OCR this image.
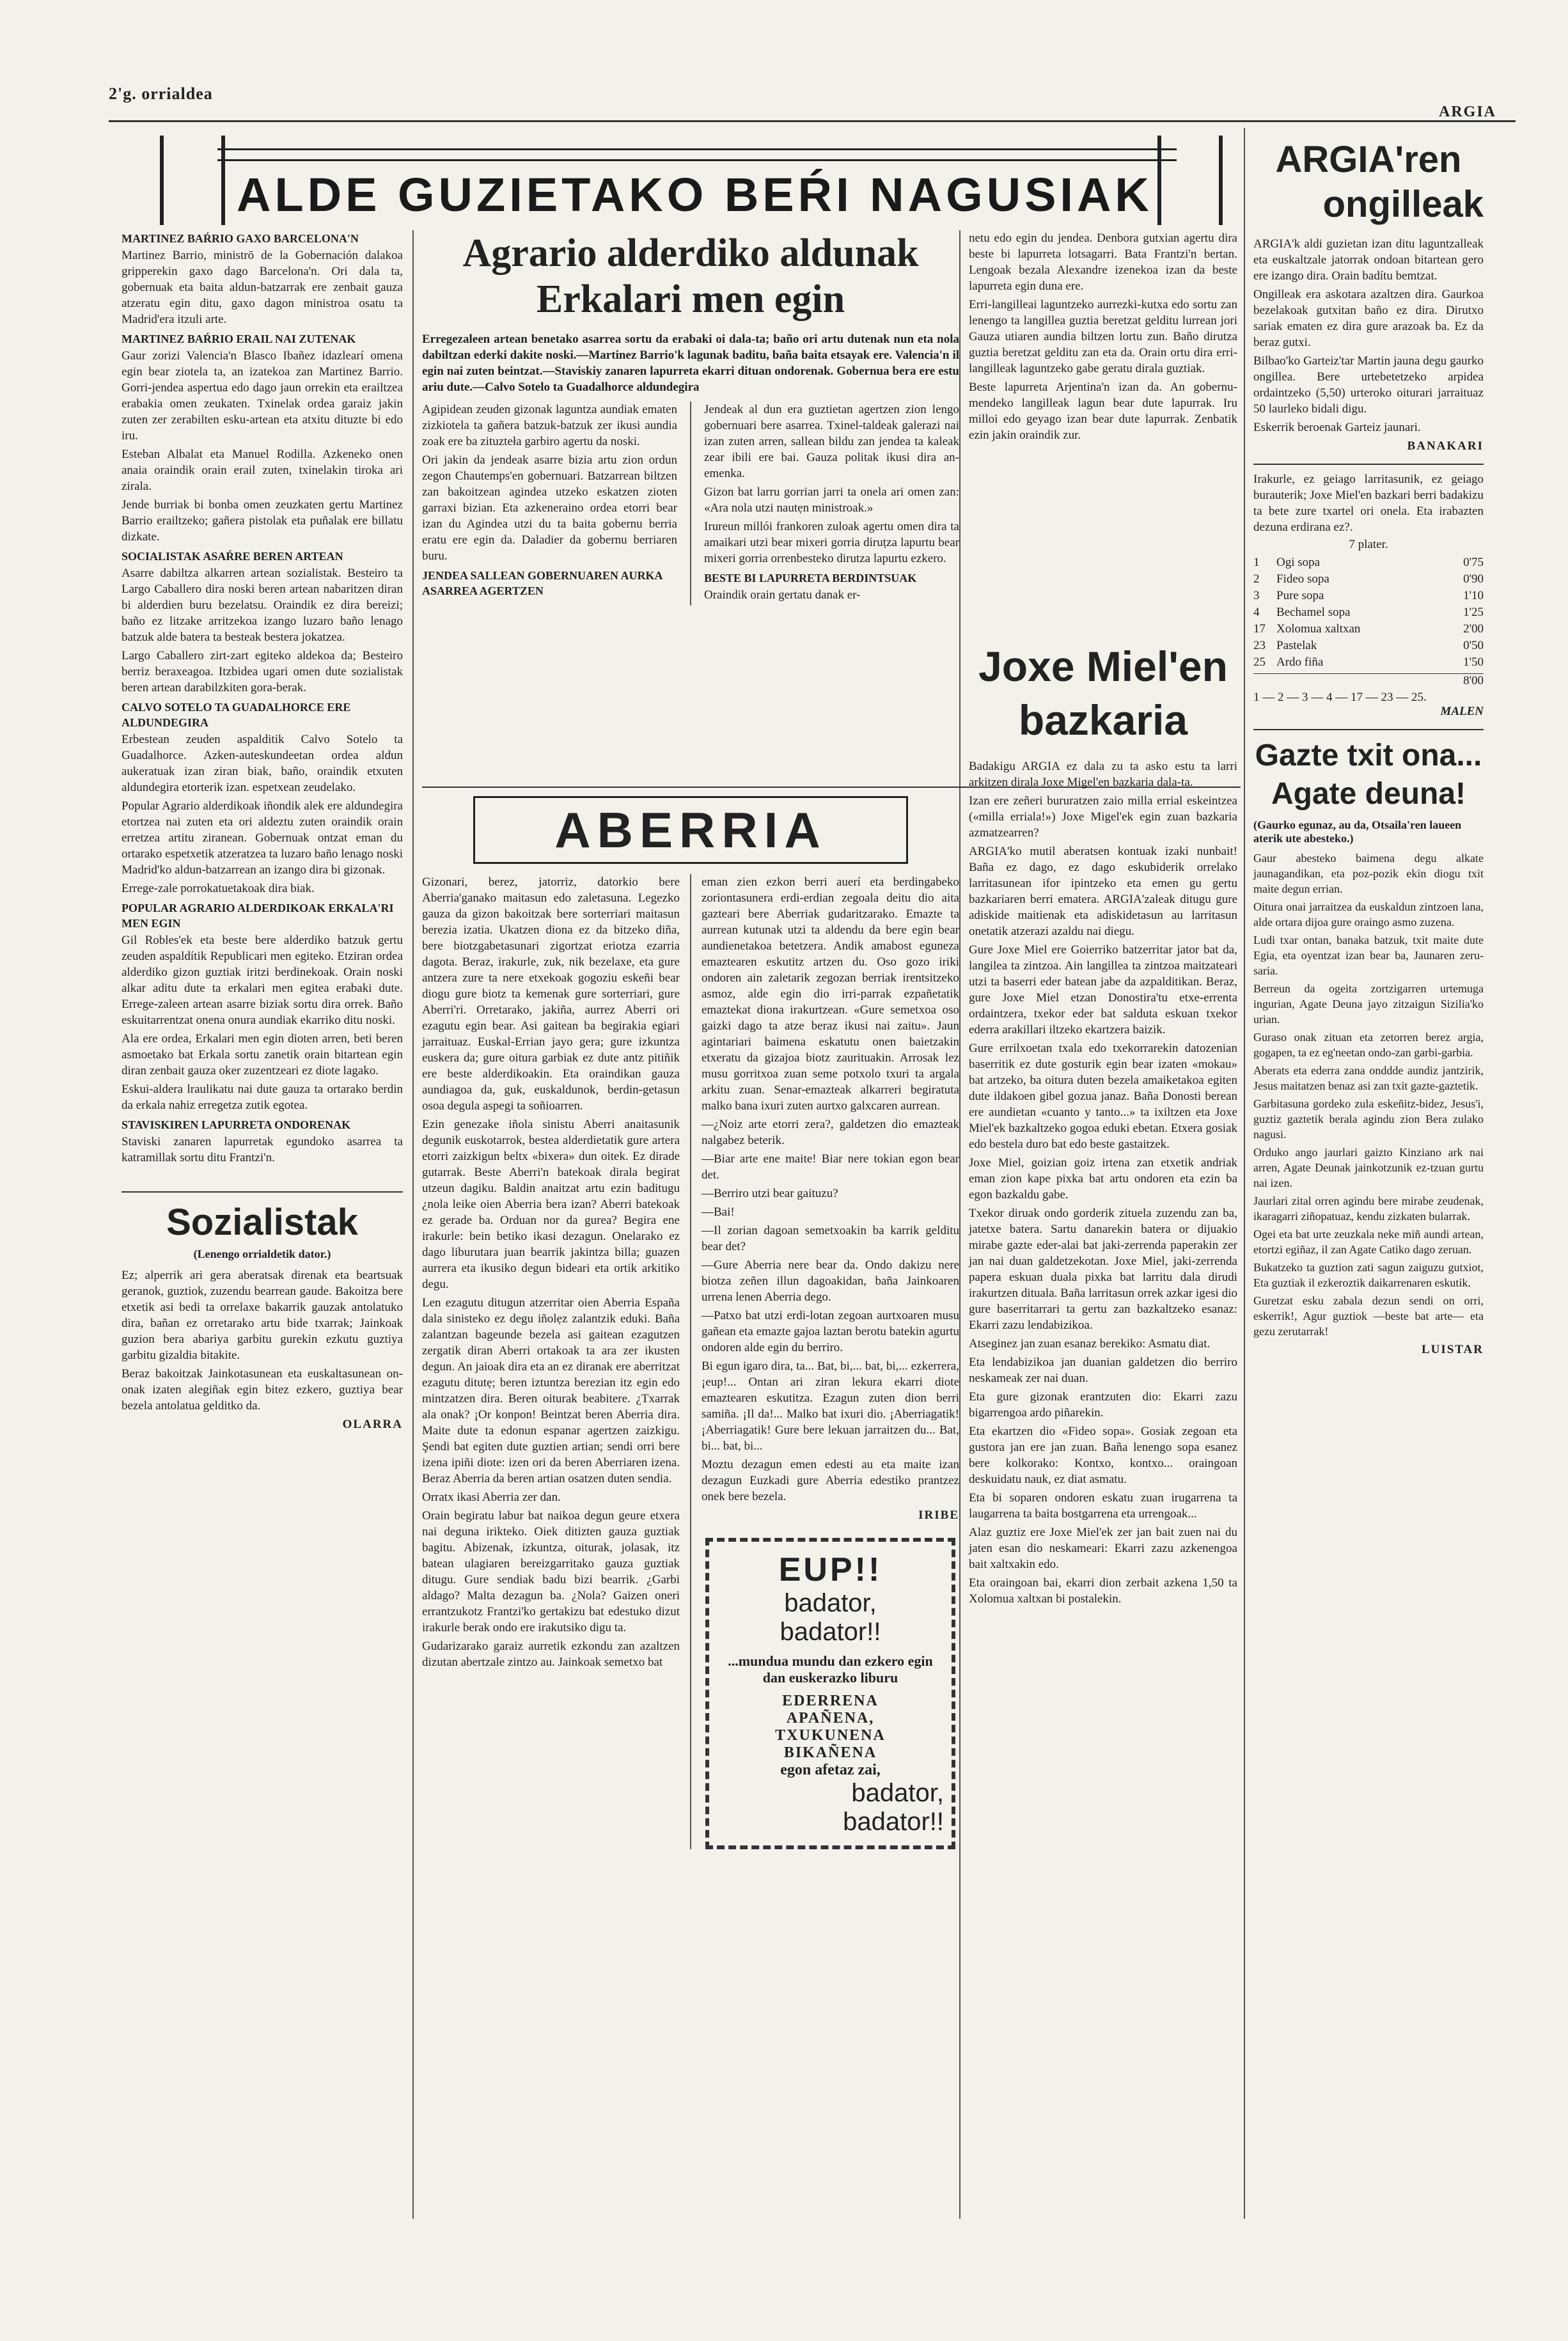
2'g. orrialdea
ARGIA
ALDE GUZIETAKO BEŔI NAGUSIAK
MARTINEZ BAŔRIO GAXO BARCELONA'N

Martinez Barrio, ministrō de la Gobernación dalakoa gripperekin gaxo dago Barcelona'n. Ori dala ta, gobernuak eta baita aldun-batzarrak ere zenbait gauza atzeratu egin ditu, gaxo dagon ministroa osatu ta Madrid'era itzuli arte.

MARTINEZ BAŔRIO ERAIL NAI ZUTENAK

Gaur zorizi Valencia'n Blasco Ibañez idazlearí omena egin bear ziotela ta, an izatekoa zan Martinez Barrio. Gorri-jendea aspertua edo dago jaun orrekin eta erailtzea erabakia omen zeukaten. Txinelak ordea garaiz jakin zuten zer zerabilten esku-artean eta atxitu dituzte bi edo iru.

Esteban Albalat eta Manuel Rodilla. Azkeneko onen anaia oraindik orain erail zuten, txinelakin tiroka ari zirala.

Jende burriak bi bonba omen zeuzkaten gertu Martinez Barrio erailtzeko; gañera pistolak eta puñalak ere billatu dizkate.

SOCIALISTAK ASAŔRE BEREN ARTEAN

Asarre dabiltza alkarren artean sozialistak. Besteiro ta Largo Caballero dira noski beren artean nabaritzen diran bi alderdien buru bezelatsu. Oraindik ez dira bereizi; baño ez litzake arritzekoa izango luzaro baño lenago batzuk alde batera ta besteak bestera jokatzea.

Largo Caballero zirt-zart egiteko aldekoa da; Besteiro berriz beraxeagoa. Itzbidea ugari omen dute sozialistak beren artean darabilzkiten gora-berak.

CALVO SOTELO TA GUADALHORCE ERE ALDUNDEGIRA

Erbestean zeuden aspalditik Calvo Sotelo ta Guadalhorce. Azken-auteskundeetan ordea aldun aukeratuak izan ziran biak, baño, oraindik etxuten aldundegira etorterik izan. espetxean zeudelako.

Popular Agrario alderdikoak iñondik alek ere aldundegira etortzea nai zuten eta ori aldeztu zuten oraindik orain erretzea artitu ziranean. Gobernuak ontzat eman du ortarako espetxetik atzeratzea ta luzaro baño lenago noski Madrid'ko aldun-batzarrean an izango dira bi gizonak.

Errege-zale porrokatuetakoak dira biak.

POPULAR AGRARIO ALDERDIKOAK ERKALA'RI MEN EGIN

Gil Robles'ek eta beste bere alderdiko batzuk gertu zeuden aspaldítik Republicari men egiteko. Etziran ordea alderdiko gizon guztiak iritzi berdinekoak. Orain noski alkar aditu dute ta erkalari men egitea erabaki dute. Errege-zaleen artean asarre biziak sortu dira orrek. Baño eskuitarrentzat onena onura aundiak ekarriko ditu noski.

Ala ere ordea, Erkalari men egin dioten arren, beti beren asmoetako bat Erkala sortu zanetik orain bitartean egin diran zenbait gauza oker zuzentzeari ez diote lagako.

Eskui-aldera lraulikatu nai dute gauza ta ortarako berdin da erkala nahiz erregetza zutik egotea.

STAVISKIREN LAPURRETA ONDORENAK

Staviski zanaren lapurretak egundoko asarrea ta katramillak sortu ditu Frantzi'n.

Sozialistak
(Lenengo orrialdetik dator.)

Ez; alperrik ari gera aberatsak direnak eta beartsuak geranok, guztiok, zuzendu bearrean gaude. Bakoitza bere etxetik asi bedi ta orrelaxe bakarrik gauzak antolatuko dira, bañan ez orretarako artu bide txarrak; Jainkoak guzion bera abariya garbitu gurekin ezkutu guztiya garbitu gizaldia bitakite.

Beraz bakoitzak Jainkotasunean eta euskaltasunean on-onak izaten alegiñak egin bitez ezkero, guztiya bear bezela antolatua gelditko da.

OLARRA
Agrario alderdiko aldunak
Erkalari men egin

Erregezaleen artean benetako asarrea sortu da erabaki oi dala-ta; baño ori artu dutenak nun eta nola dabiltzan ederki dakite noski.—Martinez Barrio'k lagunak baditu, baña baita etsayak ere. Valencia'n il egin nai zuten beintzat.—Staviskiy zanaren lapurreta ekarri dituan ondorenak. Gobernua bera ere estu ariu dute.—Calvo Sotelo ta Guadalhorce aldundegira

Agipidean zeuden gizonak laguntza aundiak ematen zizkiotela ta gañera batzuk-batzuk zer ikusi aundia zoak ere ba zituzteła garbiro agertu da noski.

Ori jakin da jendeak asarre bizia artu zion ordun zegon Chautemps'en gobernuari. Batzarrean biltzen zan bakoitzean agindea utzeko eskatzen zioten garraxi bizian. Eta azkeneraino ordea etorri bear izan du Agindea utzi du ta baita gobernu berria eratu ere egin da. Daladier da gobernu berriaren buru.

JENDEA SALLEAN GOBERNUAREN AURKA ASARREA AGERTZEN

Jendeak al dun era guztietan agertzen zion lengo gobernuari bere asarrea. Txinel-taldeak galerazi nai izan zuten arren, sallean bildu zan jendea ta kaleak zear ibili ere bai. Gauza politak ikusi dira an-emenka.

Gizon bat larru gorrian jarri ta onela ari omen zan: «Ara nola utzi nautẹn ministroak.»

Irureun millói frankoren zuloak agertu omen dira ta amaikari utzi bear mixeri gorria diruṭza lapurtu bear mixeri gorria orrenbesteko dirutza lapurtu ezkero.

BESTE BI LAPURRETA BERDINTSUAK

Oraindik orain gertatu danak er-

netu edo egin du jendea. Denbora gutxian agertu dira beste bi lapurreta lotsagarri. Bata Frantzi'n bertan. Lengoak bezala Alexandre izenekoa izan da beste lapurreta egin duna ere.

Erri-langilleai laguntzeko aurrezki-kutxa edo sortu zan lenengo ta langillea guztia beretzat gelditu lurrean jori Gauza utiaren aundia biltzen lortu zun. Baño dirutza guztia beretzat gelditu zan eta da. Orain ortu dira erri-langilleak laguntzeko gabe geratu dirala guztiak.

Beste lapurreta Arjentina'n izan da. An gobernu-mendeko langilleak lagun bear dute lapurrak. Iru milloi edo geyago izan bear dute lapurrak. Zenbatik ezin jakin oraindik zur.

ABERRIA

Gizonari, berez, jatorriz, datorkio bere Aberria'ganako maitasun edo zaletasuna. Legezko gauza da gizon bakoitzak bere sorterriari maitasun berezia izatia. Ukatzen diona ez da bitzeko diña, bere biotzgabetasunari zigortzat eriotza ezarria dagota. Beraz, irakurle, zuk, nik bezelaxe, eta gure antzera zure ta nere etxekoak gogoziu eskeñi bear diogu gure biotz ta kemenak gure sorterriari, gure Aberri'ri. Orretarako, jakiña, aurrez Aberri ori ezagutu egin bear. Asi gaitean ba begirakia egiari jarraituaz. Euskal-Errian jayo gera; gure izkuntza euskera da; gure oitura garbiak ez dute antz pitiñik ere beste alderdikoakin. Eta oraindikan gauza aundiagoa da, guk, euskaldunok, berdin-getasun osoa degula aspegi ta soñioarren.

Ezin genezake iñola sinistu Aberri anaitasunik degunik euskotarrok, bestea alderdietatik gure artera etorri zaizkigun beltx «bixera» dun oitek. Ez dirade gutarrak. Beste Aberri'n batekoak dirala begirat utzeun dagiku. Baldin anaitzat artu ezin baditugu ¿nola leike oien Aberria bera izan? Aberri batekoak ez gerade ba. Orduan nor da gurea? Begira ene irakurle: bein betiko ikasi dezagun. Onelarako ez dago liburutara juan bearrik jakintza billa; guazen aurrera eta ikusiko degun bideari eta ortik arkitiko degu.

Len ezagutu ditugun atzerritar oien Aberria España dala sinisteko ez degu iñolẹz zalantzik eduki. Baña zalantzan bageunde bezela asi gaitean ezagutzen zergatik diran Aberri ortakoak ta ara zer ikusten degun. An jaioak dira eta an ez diranak ere aberritzat ezagutu ditutẹ; beren iztuntza berezian itz egin edo mintzatzen dira. Beren oiturak beabitere. ¿Txarrak ala onak? ¡Or konpon! Beintzat beren Aberria dira. Maite dute ta edonun espanar agertzen zaizkigu. Şendi bat egiten dute guztien artian; sendi orri bere izena ipiñi diote: izen ori da beren Aberriaren izena. Beraz Aberria da beren artian osatzen duten sendia.

Orratx ikasi Aberria zer dan.

Orain begiratu labur bat naikoa degun geure etxera nai deguna irikteko. Oiek ditizten gauza guztiak bagitu. Abizenak, izkuntza, oiturak, jolasak, itz batean ulagiaren bereizgarritako gauza guztiak ditugu. Gure sendiak badu bizi bearrik. ¿Garbi aldago? Malta dezagun ba. ¿Nola? Gaizen oneri errantzukotz Frantzi'ko gertakizu bat edestuko dizut irakurle berak ondo ere irakutsiko digu ta.

Gudarizarako garaiz aurretik ezkondu zan azaltzen dizutan abertzale zintzo au. Jainkoak semetxo bat

eman zien ezkon berri auerí eta berdingabeko zoriontasunera erdi-erdian zegoala deitu dio aita gazteari bere Aberriak gudaritzarako. Emazte ta aurrean kutunak utzi ta aldendu da bere egin bear aundienetakoa betetzera. Andik amabost eguneza emaztearen eskutitz artzen du. Oso gozo iriki ondoren ain zaletarik zegozan berriak irentsitzeko asmoz, alde egin dio irri-parrak ezpañetatik emaztekat diona irakurtzean. «Gure semetxoa oso gaizki dago ta atze beraz ikusi nai zaitu». Jaun agintariari baimena eskatutu onen baietzakin etxeratu da gizajoa biotz zaurituakin. Arrosak lez musu gorritxoa zuan seme potxolo txuri ta argala arkitu zuan. Senar-emazteak alkarreri begiratuta malko bana ixuri zuten aurtxo galxcaren aurrean.

—¿Noiz arte etorri zera?, galdetzen dio emazteak nalgabez beterik.

—Biar arte ene maite! Biar nere tokian egon bear det.

—Berriro utzi bear gaituzu?

—Bai!

—Il zorian dagoan semetxoakin ba karrik gelditu bear det?

—Gure Aberria nere bear da. Ondo dakizu nere biotza zeñen illun dagoakidan, baña Jainkoaren urrena lenen Aberria dego.

—Patxo bat utzi erdi-lotan zegoan aurtxoaren musu gañean eta emazte gajoa laztan berotu batekin agurtu ondoren alde egin du berriro.

Bi egun igaro dira, ta... Bat, bi,... bat, bi,... ezkerrera, ¡eup!... Ontan ari ziran lekura ekarri diote emaztearen eskutitza. Ezagun zuten dion berri samiña. ¡Il da!... Malko bat ixuri dio. ¡Aberriagatik! ¡Aberriagatik! Gure bere lekuan jarraitzen du... Bat, bi... bat, bi...

Moztu dezagun emen edesti au eta maite izan dezagun Euzkadi gure Aberria edestiko prantzez onek bere bezela.

IRIBE
EUP!!
badator,
badator!!
...mundua mundu dan ezkero egin dan euskerazko liburu
EDERRENA
APAÑENA,
TXUKUNENA
BIKAÑENA
egon afetaz zai,
badator,
badator!!
Joxe Miel'en
bazkaria

Badakigu ARGIA ez dala zu ta asko estu ta larri arkitzen dirala Joxe Migel'en bazkaria dala-ta.

Izan ere zeñeri bururatzen zaio milla errial eskeintzea («milla erriala!») Joxe Migel'ek egin zuan bazkaria azmatzearren?

ARGIA'ko mutil aberatsen kontuak izaki nunbait! Baña ez dago, ez dago eskubiderik orrelako larritasunean ifor ipintzeko eta emen gu gertu bazkariaren berri ematera. ARGIA'zaleak ditugu gure adiskide maitienak eta adiskidetasun au larritasun onetatik atzerazi azaldu nai diegu.

Gure Joxe Miel ere Goierriko batzerritar jator bat da, langilea ta zintzoa. Ain langillea ta zintzoa maitzateari utzi ta baserri eder batean jabe da azpalditikan. Beraz, gure Joxe Miel etzan Donostira'tu etxe-errenta ordaintzera, txekor eder bat salduta eskuan txekor ederra arakillari iltzeko ekartzera baizik.

Gure errilxoetan txala edo txekorrarekin datozenian baserritik ez dute gosturik egin bear izaten «mokau» bat artzeko, ba oitura duten bezela amaiketakoa egiten dute ildakoen gibel gozua janaz. Baña Donosti berean ere aundietan «cuanto y tanto...» ta ixiltzen eta Joxe Miel'ek bazkaltzeko gogoa eduki ebetan. Etxera gosiak edo bestela duro bat edo beste gastaitzek.

Joxe Miel, goizian goiz irtena zan etxetik andriak eman zion kape pixka bat artu ondoren eta ezin ba egon bazkaldu gabe.

Txekor diruak ondo gorderik zituela zuzendu zan ba, jatetxe batera. Sartu danarekin batera or dijuakio mirabe gazte eder-alai bat jaki-zerrenda paperakin zer jan nai duan galdetzekotan. Joxe Miel, jaki-zerrenda papera eskuan duala pixka bat larritu dala dirudi irakurtzen dituala. Baña larritasun orrek azkar igesi dio gure baserritarrari ta gertu zan bazkaltzeko esanaz: Ekarri zazu lendabizikoa.

Atseginez jan zuan esanaz berekiko: Asmatu diat.

Eta lendabizikoa jan duanian galdetzen dio berriro neskameak zer nai duan.

Eta gure gizonak erantzuten dio: Ekarri zazu bigarrengoa ardo piñarekin.

Eta ekartzen dio «Fideo sopa». Gosiak zegoan eta gustora jan ere jan zuan. Baña lenengo sopa esanez bere kolkorako: Kontxo, kontxo... oraingoan deskuidatu nauk, ez diat asmatu.

Eta bi soparen ondoren eskatu zuan irugarrena ta laugarrena ta baita bostgarrena eta urrengoak...

Alaz guztiz ere Joxe Miel'ek zer jan bait zuen nai du jaten esan dio neskameari: Ekarri zazu azkenengoa bait xaltxakin edo.

Eta oraingoan bai, ekarri dion zerbait azkena 1,50 ta Xolomua xaltxan bi postalekin.

ARGIA'ren
ongilleak

ARGIA'k aldi guzietan izan ditu laguntzalleak eta euskaltzale jatorrak ondoan bitartean gero ere izango dira. Orain badítu bemtzat.

Ongilleak era askotara azaltzen dira. Gaurkoa bezelakoak gutxitan baño ez dira. Dirutxo sariak ematen ez dira gure arazoak ba. Ez da beraz gutxi.

Bilbao'ko Garteiz'tar Martin jauna degu gaurko ongillea. Bere urtebetetzeko arpidea ordaintzeko (5,50) urteroko oiturari jarraituaz 50 laurleko bidali digu.

Eskerrik beroenak Garteiz jaunari.

BANAKARI

Irakurle, ez geiago larritasunik, ez geiago burauterik; Joxe Miel'en bazkari berri badakizu ta bete zure txartel ori onela. Eta irabazten dezuna erdirana ez?.

7 plater.
1	Ogi sopa	0'75
2	Fideo sopa	0'90
3	Pure sopa	1'10
4	Bechamel sopa	1'25
17 Xolomua xaltxan	2'00
23 Pastelak	0'50
25 Ardo fiña	1'50
8'00
1 — 2 — 3 — 4 — 17 — 23 — 25.
MALEN
Gazte txit ona...
Agate deuna!
(Gaurko egunaz, au da, Otsaila'ren laueen aterik ute abesteko.)

Gaur abesteko baimena degu alkate jaunagandikan, eta poz-pozik ekin diogu txit maite degun errian.

Oitura onai jarraitzea da euskaldun zintzoen lana, alde ortara dijoa gure oraingo asmo zuzena.

Ludi txar ontan, banaka batzuk, txit maite dute Egia, eta oyentzat izan bear ba, Jaunaren zeru-saria.

Berreun da ogeita zortzigarren urtemuga ingurian, Agate Deuna jayo zitzaigun Sizilia'ko urian.

Guraso onak zituan eta zetorren berez argia, gogapen, ta ez eg'neetan ondo-zan garbi-garbia.

Aberats eta ederra zana onddde aundiz jantzirik, Jesus maitatzen benaz asi zan txit gazte-gaztetik.

Garbitasuna gordeko zula eskeñitz-bidez, Jesus'i, guztiz gaztetik berala agindu zion Bera zulako nagusi.

Orduko ango jaurlari gaizto Kinziano ark nai arren, Agate Deunak jainkotzunik ez-tzuan gurtu nai izen.

Jaurlari zital orren agindu bere mirabe zeudenak, ikaragarri ziñopatuaz, kendu zizkaten bularrak.

Ogei eta bat urte zeuzkala neke miñ aundi artean, etortzi egiñaz, il zan Agate Catiko dago zeruan.

Bukatzeko ta guztion zati sagun zaiguzu gutxiot, Eta guztiak il ezkeroztik daikarrenaren eskutik.

Guretzat esku zabala dezun sendi on orri, eskerrik!, Agur guztiok —beste bat arte— eta gezu zerutarrak!

LUISTAR
